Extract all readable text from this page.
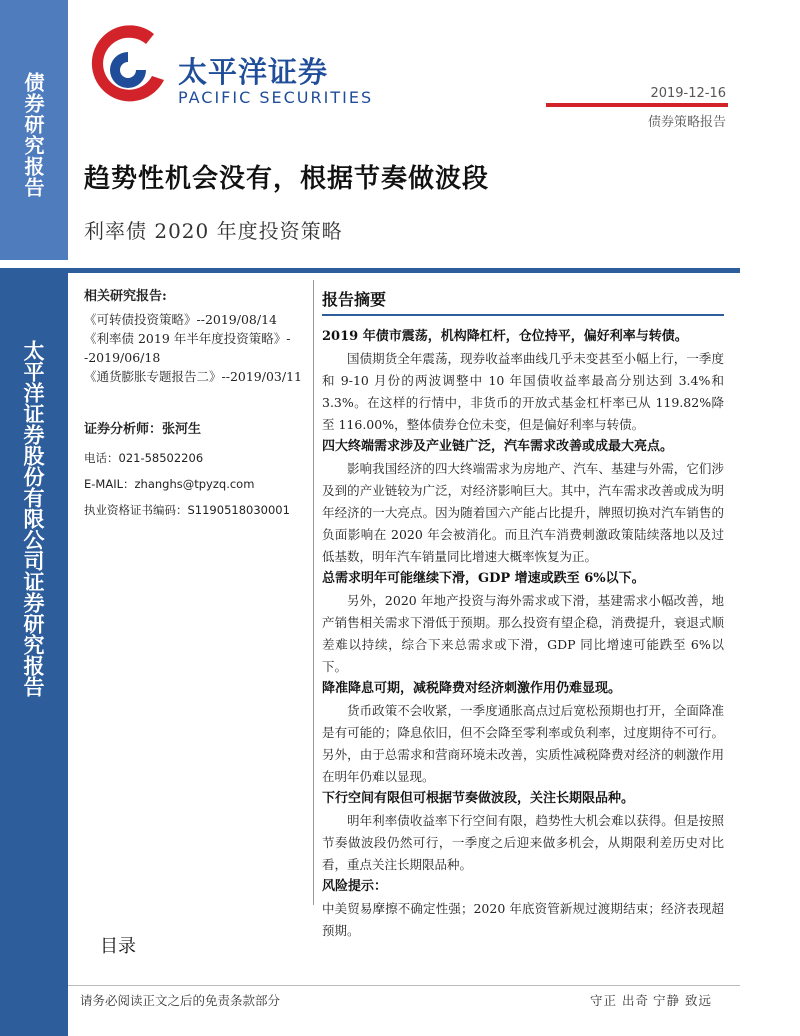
债券研究报告
太平洋证券股份有限公司证券研究报告
太平洋证券
PACIFIC SECURITIES	2019-12-16
债券策略报告
趋势性机会没有，根据节奏做波段
利率债 2020 年度投资策略
相关研究报告:
《可转债投资策略》--2019/08/14
《利率债 2019 年半年度投资策略》--2019/06/18
《通货膨胀专题报告二》--2019/03/11
证券分析师：张河生
电话：021-58502206
E-MAIL：zhanghs@tpyzq.com
执业资格证书编码：S1190518030001
报告摘要
2019 年债市震荡，机构降杠杆，仓位持平，偏好利率与转债。
国债期货全年震荡，现券收益率曲线几乎未变甚至小幅上行，一季度和 9-10 月份的两波调整中 10 年国债收益率最高分别达到 3.4%和 3.3%。在这样的行情中，非货币的开放式基金杠杆率已从 119.82%降至 116.00%，整体债券仓位未变，但是偏好利率与转债。
四大终端需求涉及产业链广泛，汽车需求改善或成最大亮点。
影响我国经济的四大终端需求为房地产、汽车、基建与外需，它们涉及到的产业链较为广泛，对经济影响巨大。其中，汽车需求改善或成为明年经济的一大亮点。因为随着国六产能占比提升，牌照切换对汽车销售的负面影响在 2020 年会被消化。而且汽车消费刺激政策陆续落地以及过低基数，明年汽车销量同比增速大概率恢复为正。
总需求明年可能继续下滑，GDP 增速或跌至 6%以下。
另外，2020 年地产投资与海外需求或下滑，基建需求小幅改善，地产销售相关需求下滑低于预期。那么投资有望企稳，消费提升，衰退式顺差难以持续，综合下来总需求或下滑，GDP 同比增速可能跌至 6%以下。
降准降息可期，减税降费对经济刺激作用仍难显现。
货币政策不会收紧，一季度通胀高点过后宽松预期也打开，全面降准是有可能的；降息依旧，但不会降至零利率或负利率，过度期待不可行。另外，由于总需求和营商环境未改善，实质性减税降费对经济的刺激作用在明年仍难以显现。
下行空间有限但可根据节奏做波段，关注长期限品种。
明年利率债收益率下行空间有限，趋势性大机会难以获得。但是按照节奏做波段仍然可行，一季度之后迎来做多机会，从期限利差历史对比看，重点关注长期限品种。
风险提示：
中美贸易摩擦不确定性强；2020 年底资管新规过渡期结束；经济表现超预期。
目录
请务必阅读正文之后的免责条款部分	守正 出奇 宁静 致远
